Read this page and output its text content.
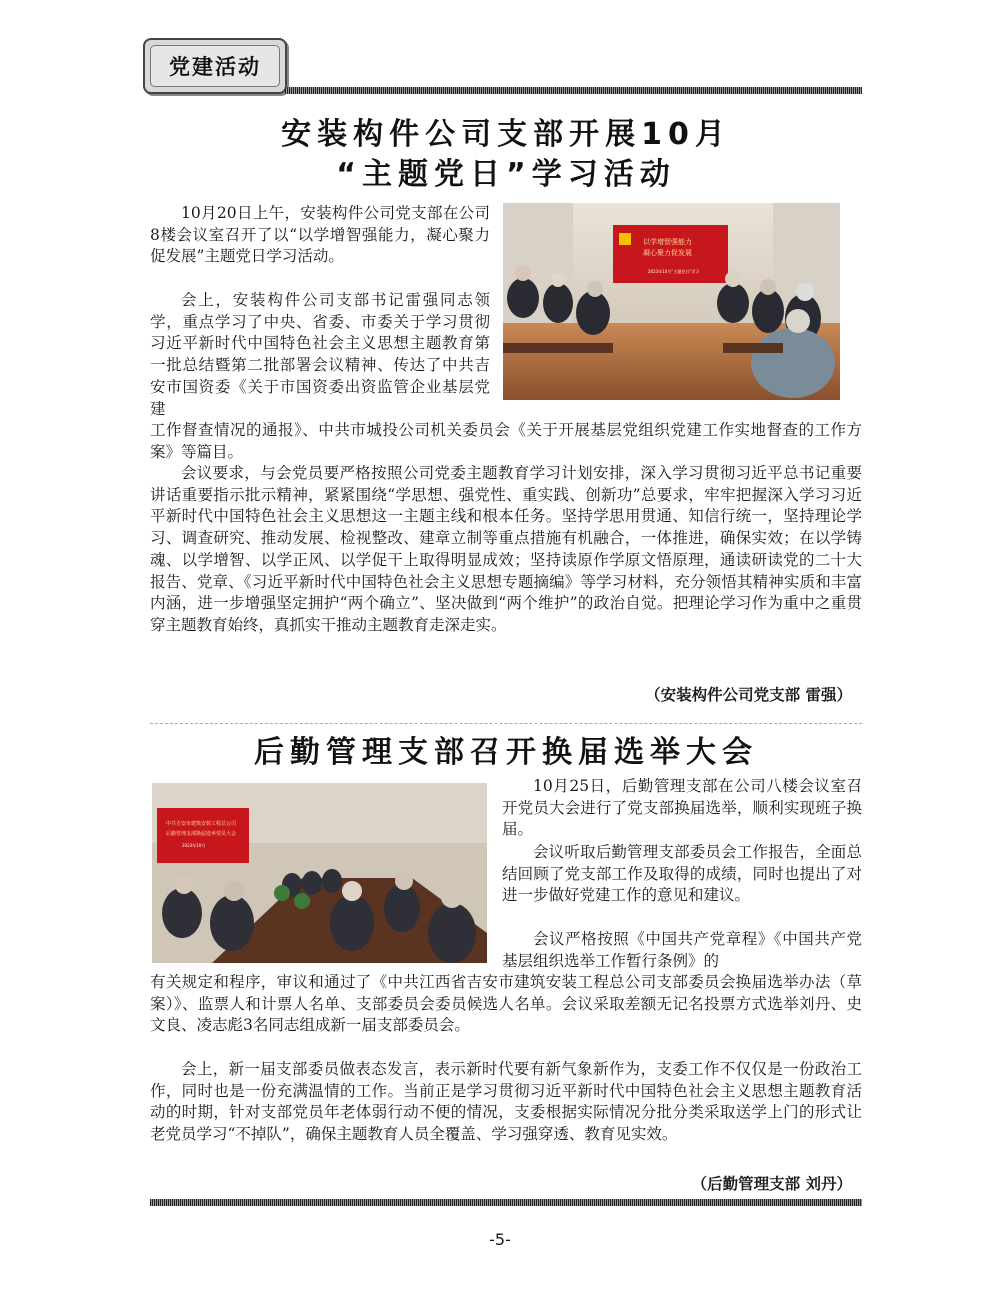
党建活动
安装构件公司支部开展10月
“主题党日”学习活动
以学增智强能力
凝心聚力促发展
2023年10月“主题党日”学习

10月20日上午，安装构件公司党支部在公司8楼会议室召开了以“以学增智强能力，凝心聚力促发展”主题党日学习活动。

会上，安装构件公司支部书记雷强同志领学，重点学习了中央、省委、市委关于学习贯彻习近平新时代中国特色社会主义思想主题教育第一批总结暨第二批部署会议精神、传达了中共吉安市国资委《关于市国资委出资监管企业基层党建

工作督查情况的通报》、中共市城投公司机关委员会《关于开展基层党组织党建工作实地督查的工作方案》等篇目。

会议要求，与会党员要严格按照公司党委主题教育学习计划安排，深入学习贯彻习近平总书记重要讲话重要指示批示精神，紧紧围绕“学思想、强党性、重实践、创新功”总要求，牢牢把握深入学习习近平新时代中国特色社会主义思想这一主题主线和根本任务。坚持学思用贯通、知信行统一，坚持理论学习、调查研究、推动发展、检视整改、建章立制等重点措施有机融合，一体推进，确保实效；在以学铸魂、以学增智、以学正风、以学促干上取得明显成效；坚持读原作学原文悟原理，通读研读党的二十大报告、党章、《习近平新时代中国特色社会主义思想专题摘编》等学习材料，充分领悟其精神实质和丰富内涵，进一步增强坚定拥护“两个确立”、坚决做到“两个维护”的政治自觉。把理论学习作为重中之重贯穿主题教育始终，真抓实干推动主题教育走深走实。

（安装构件公司党支部 雷强）
后勤管理支部召开换届选举大会
中共吉安市建筑安装工程总公司
后勤管理支部换届选举党员大会
2023年10月

10月25日，后勤管理支部在公司八楼会议室召开党员大会进行了党支部换届选举，顺利实现班子换届。

会议听取后勤管理支部委员会工作报告，全面总结回顾了党支部工作及取得的成绩，同时也提出了对进一步做好党建工作的意见和建议。

会议严格按照《中国共产党章程》《中国共产党基层组织选举工作暂行条例》的

有关规定和程序，审议和通过了《中共江西省吉安市建筑安装工程总公司支部委员会换届选举办法（草案）》、监票人和计票人名单、支部委员会委员候选人名单。会议采取差额无记名投票方式选举刘丹、史文良、凌志彪3名同志组成新一届支部委员会。

会上，新一届支部委员做表态发言，表示新时代要有新气象新作为，支委工作不仅仅是一份政治工作，同时也是一份充满温情的工作。当前正是学习贯彻习近平新时代中国特色社会主义思想主题教育活动的时期，针对支部党员年老体弱行动不便的情况，支委根据实际情况分批分类采取送学上门的形式让老党员学习“不掉队”，确保主题教育人员全覆盖、学习强穿透、教育见实效。

（后勤管理支部 刘丹）
-5-
